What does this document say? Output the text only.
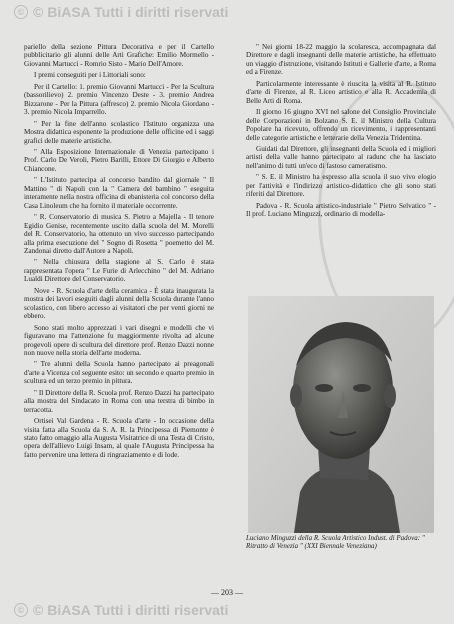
© © BiASA Tutti i diritti riservati

pariello della sezione Pittura Decorativa e per il Cartello pubblicitario gli alunni delle Arti Grafiche: Emilio Mormello - Giovanni Martucci - Romrio Sisto - Mario Dell'Amore.

I premi conseguiti per i Littoriali sono:

Per il Cartello: 1. premio Giovanni Martucci - Per la Scultura (bassorilievo) 2. premio Vincenzo Deste - 3. premio Andrea Bizzarone - Per la Pittura (affresco) 2. premio Nicola Giordano - 3. premio Nicola Imparrello.

" Per la fine dell'anno scolastico l'Istituto organizza una Mostra didattica esponente la produzione delle officine ed i saggi grafici delle materie artistiche.

" Alla Esposizione Internazionale di Venezia partecipano i Prof. Carlo De Veroli, Pietro Barilli, Ettore Di Giorgio e Alberto Chiancone.

" L'Istituto partecipa al concorso bandito dal giornale " Il Mattino " di Napoli con la " Camera del bambino " eseguita interamente nella nostra officina di ebanisteria col concorso della Casa Linoleum che ha fornito il materiale occorrente.

" R. Conservatorio di musica S. Pietro a Majella - Il tenore Egidio Genise, recentemente uscito dalla scuola del M. Morelli del R. Conservatorio, ha ottenuto un vivo successo partecipando alla prima esecuzione del " Sogno di Rosetta " poemetto del M. Zandonai diretto dall'Autore a Napoli.

" Nella chiusura della stagione al S. Carlo è stata rappresentata l'opera " Le Furie di Arlecchino " del M. Adriano Lualdi Direttore del Conservatorio.

Nove - R. Scuola d'arte della ceramica - È stata inaugurata la mostra dei lavori eseguiti dagli alunni della Scuola durante l'anno scolastico, con libero accesso ai visitatori che per venti giorni ne ebbero.

Sono stati molto apprezzati i vari disegni e modelli che vi figuravano ma l'attenzione fu maggiormente rivolta ad alcune progevoli opere di scultura del direttore prof. Renzo Dazzi nonne non nuove nella storia dell'arte moderna.

" Tre alunni della Scuola hanno partecipato ai preagonali d'arte a Vicenza col seguente esito: un secondo e quarto premio in scultura ed un terzo premio in pittura.

" Il Direttore della R. Scuola prof. Renzo Dazzi ha partecipato alla mostra del Sindacato in Roma con una terstra di bimbo in terracotta.

Ortisei Val Gardena - R. Scuola d'arte - In occasione della visita fatta alla Scuola da S. A. R. la Principessa di Piemonte è stato fatto omaggio alla Augusta Visitatrice di una Testa di Cristo, opera dell'allievo Luigi Insam, al quale l'Augusta Principessa ha fatto pervenire una lettera di ringraziamento e di lode.

" Nei giorni 18-22 maggio la scolaresca, accompagnata dal Direttore e dagli insegnanti delle materie artistiche, ha effettuato un viaggio d'istruzione, visitando Istituti e Gallerie d'arte, a Roma ed a Firenze.

Particolarmente interessante è riuscita la visita al R. Istituto d'arte di Firenze, al R. Liceo artistico e alla R. Accademia di Belle Arti di Roma.

Il giorno 16 giugno XVI nel salone del Consiglio Provinciale delle Corporazioni in Bolzano S. E. il Ministro della Cultura Popolare ha ricevuto, offrendo un ricevimento, i rappresentanti delle categorie artistiche e letterarie della Venezia Tridentina.

Guidati dal Direttore, gli insegnanti della Scuola ed i migliori artisti della valle hanno partecipato al radunc che ha lasciato nell'animo di tutti un'eco di fastoso cameratismo.

" S. E. il Ministro ha espresso alla scuola il suo vivo elogio per l'attività e l'indirizzo artistico-didattico che gli sono stati riferiti dal Direttore.

Padova - R. Scuola artistico-industriale " Pietro Selvatico " - Il prof. Luciano Minguzzi, ordinario di modella-

Luciano Minguzzi della R. Scuola Artistico Indust. di Padova: " Ritratto di Venezia " (XXI Biennale Veneziana)
— 203 —
© © BiASA Tutti i diritti riservati
